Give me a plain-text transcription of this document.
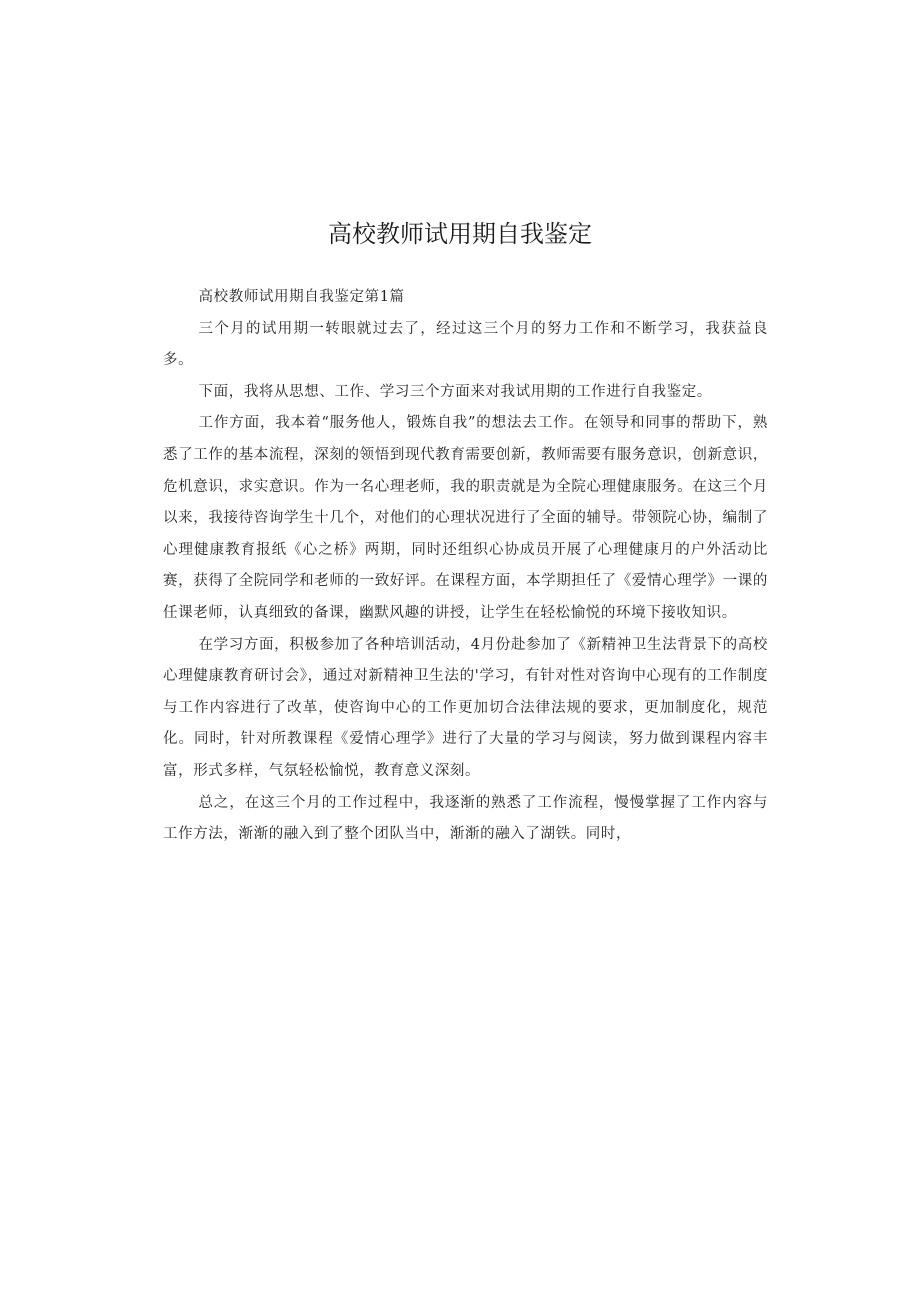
高校教师试用期自我鉴定

高校教师试用期自我鉴定第1篇

三个月的试用期一转眼就过去了，经过这三个月的努力工作和不断学习，我获益良多。

下面，我将从思想、工作、学习三个方面来对我试用期的工作进行自我鉴定。

工作方面，我本着“服务他人，锻炼自我”的想法去工作。在领导和同事的帮助下，熟悉了工作的基本流程，深刻的领悟到现代教育需要创新，教师需要有服务意识，创新意识，危机意识，求实意识。作为一名心理老师，我的职责就是为全院心理健康服务。在这三个月以来，我接待咨询学生十几个，对他们的心理状况进行了全面的辅导。带领院心协，编制了心理健康教育报纸《心之桥》两期，同时还组织心协成员开展了心理健康月的户外活动比赛，获得了全院同学和老师的一致好评。在课程方面，本学期担任了《爱情心理学》一课的任课老师，认真细致的备课，幽默风趣的讲授，让学生在轻松愉悦的环境下接收知识。

在学习方面，积极参加了各种培训活动，4月份赴参加了《新精神卫生法背景下的高校心理健康教育研讨会》，通过对新精神卫生法的'学习，有针对性对咨询中心现有的工作制度与工作内容进行了改革，使咨询中心的工作更加切合法律法规的要求，更加制度化，规范化。同时，针对所教课程《爱情心理学》进行了大量的学习与阅读，努力做到课程内容丰富，形式多样，气氛轻松愉悦，教育意义深刻。

总之，在这三个月的工作过程中，我逐渐的熟悉了工作流程，慢慢掌握了工作内容与工作方法，渐渐的融入到了整个团队当中，渐渐的融入了湖铁。同时，
